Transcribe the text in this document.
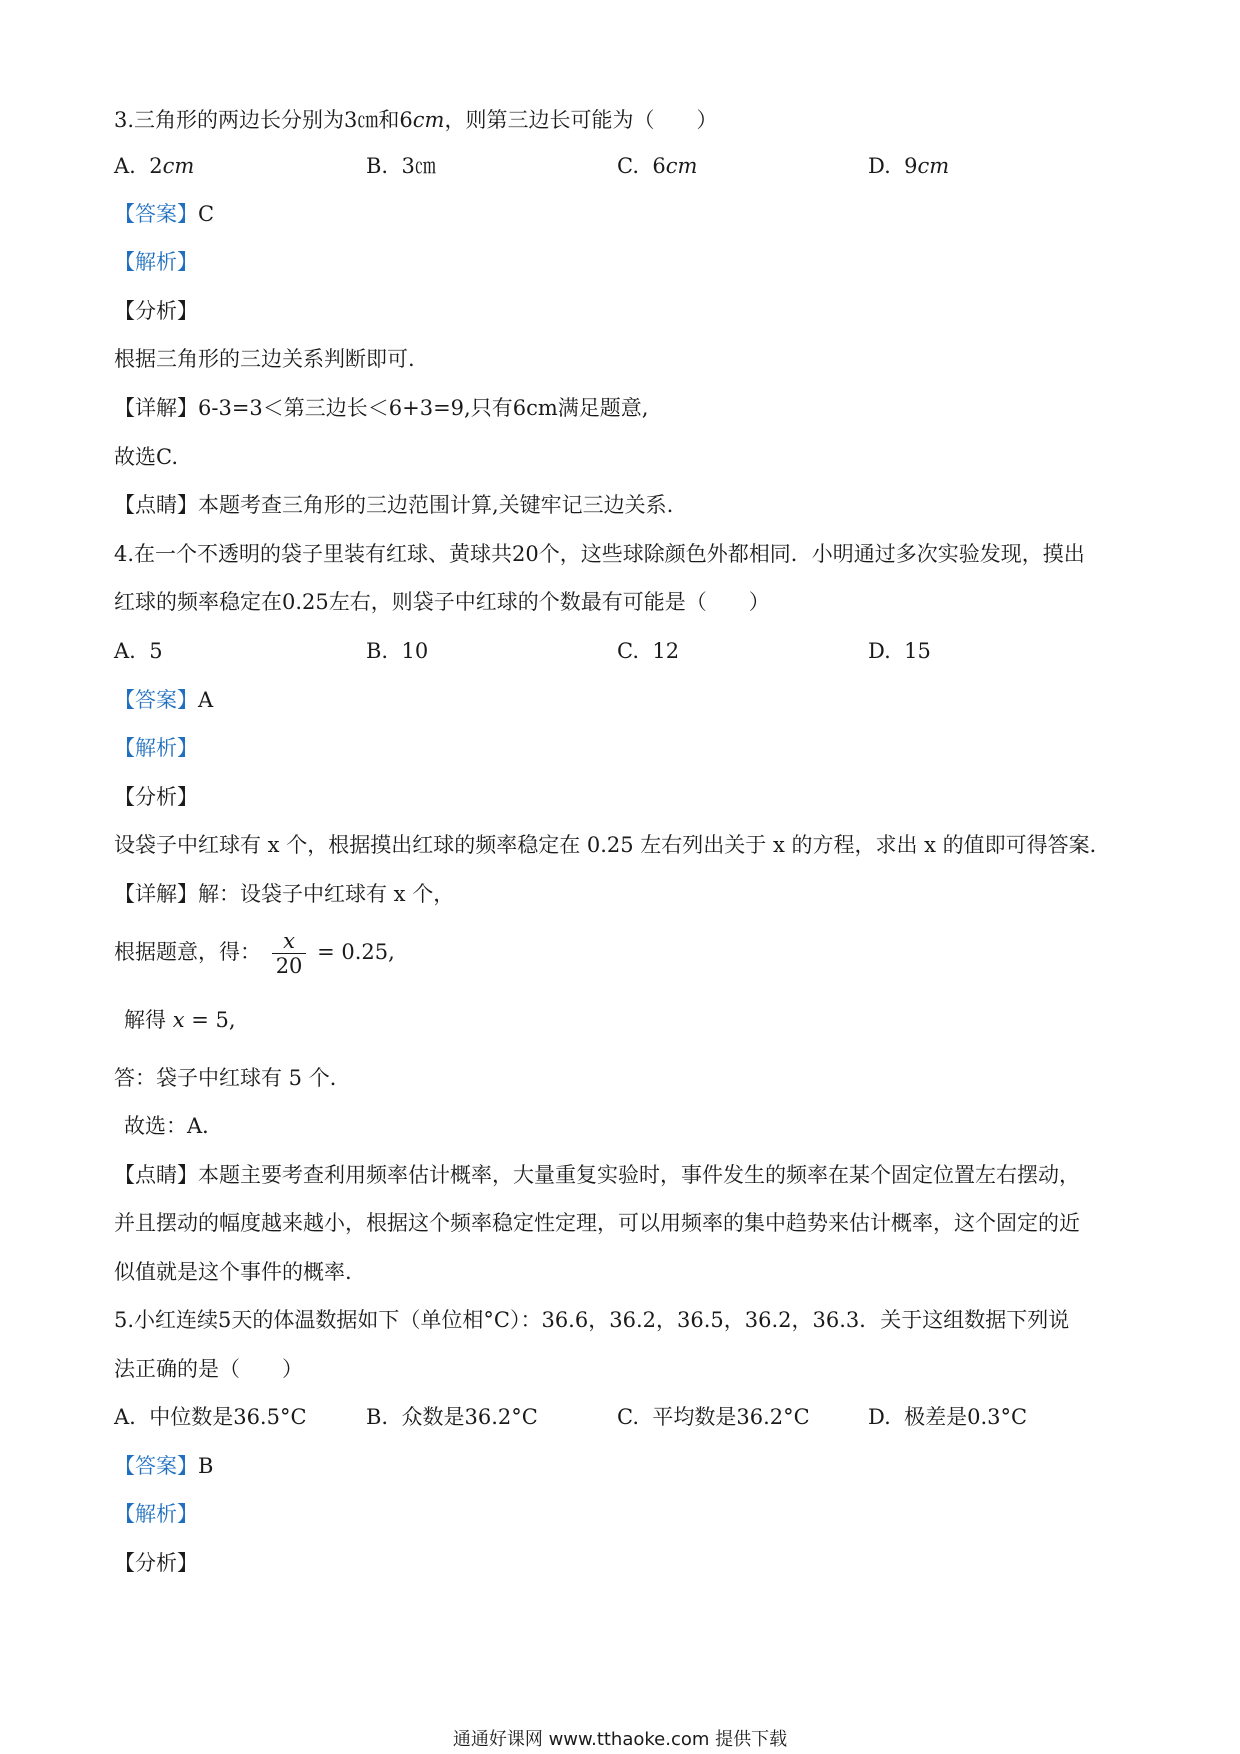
3.三角形的两边长分别为3㎝和6cm，则第三边长可能为（　　）
A. 2cm	B. 3㎝	C. 6cm	D. 9cm
【答案】C
【解析】
【分析】
根据三角形的三边关系判断即可.
【详解】6-3=3＜第三边长＜6+3=9,只有6cm满足题意,
故选C.
【点睛】本题考查三角形的三边范围计算,关键牢记三边关系.
4.在一个不透明的袋子里装有红球、黄球共20个，这些球除颜色外都相同．小明通过多次实验发现，摸出
红球的频率稳定在0.25左右，则袋子中红球的个数最有可能是（　　）
A. 5	B. 10	C. 12	D. 15
【答案】A
【解析】
【分析】
设袋子中红球有 x 个，根据摸出红球的频率稳定在 0.25 左右列出关于 x 的方程，求出 x 的值即可得答案．
【详解】解：设袋子中红球有 x 个，
根据题意，得： $\frac{x}{20} = 0.25$,
解得 x = 5,
答：袋子中红球有 5 个．
故选：A．
【点睛】本题主要考查利用频率估计概率，大量重复实验时，事件发生的频率在某个固定位置左右摆动，
并且摆动的幅度越来越小，根据这个频率稳定性定理，可以用频率的集中趋势来估计概率，这个固定的近
似值就是这个事件的概率.
5.小红连续5天的体温数据如下（单位相°C）：36.6，36.2，36.5，36.2，36.3．关于这组数据下列说
法正确的是（　　）
A. 中位数是36.5°C	B. 众数是36.2°C	C. 平均数是36.2°C	D. 极差是0.3°C
【答案】B
【解析】
【分析】
通通好课网 www.tthaoke.com 提供下载
